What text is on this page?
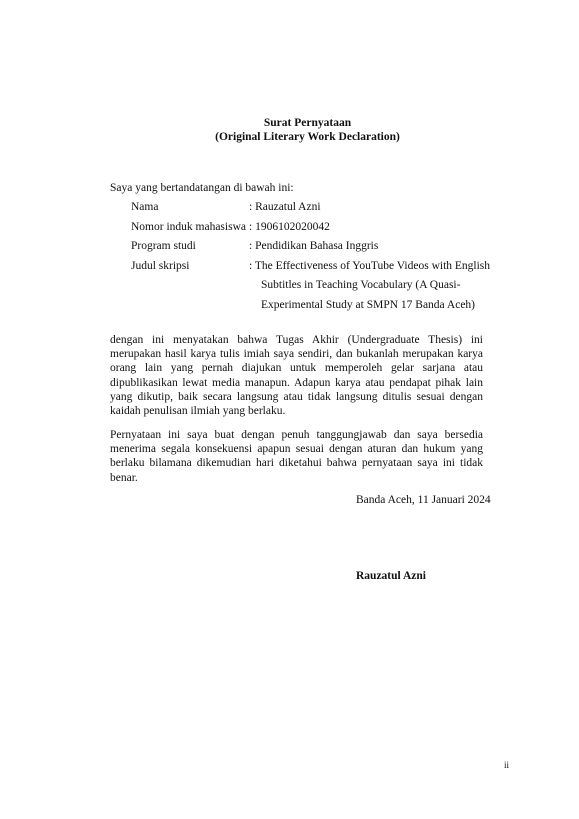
Surat Pernyataan
(Original Literary Work Declaration)
Saya yang bertandatangan di bawah ini:
Nama	: Rauzatul Azni
Nomor induk mahasiswa : 1906102020042
Program studi	: Pendidikan Bahasa Inggris
Judul skripsi	: The Effectiveness of YouTube Videos with English
Subtitles in Teaching Vocabulary (A Quasi-
Experimental Study at SMPN 17 Banda Aceh)
dengan ini menyatakan bahwa Tugas Akhir (Undergraduate Thesis) ini merupakan hasil karya tulis imiah saya sendiri, dan bukanlah merupakan karya orang lain yang pernah diajukan untuk memperoleh gelar sarjana atau dipublikasikan lewat media manapun. Adapun karya atau pendapat pihak lain yang dikutip, baik secara langsung atau tidak langsung ditulis sesuai dengan kaidah penulisan ilmiah yang berlaku.
Pernyataan ini saya buat dengan penuh tanggungjawab dan saya bersedia menerima segala konsekuensi apapun sesuai dengan aturan dan hukum yang berlaku bilamana dikemudian hari diketahui bahwa pernyataan saya ini tidak benar.
Banda Aceh, 11 Januari 2024
Rauzatul Azni
ii
